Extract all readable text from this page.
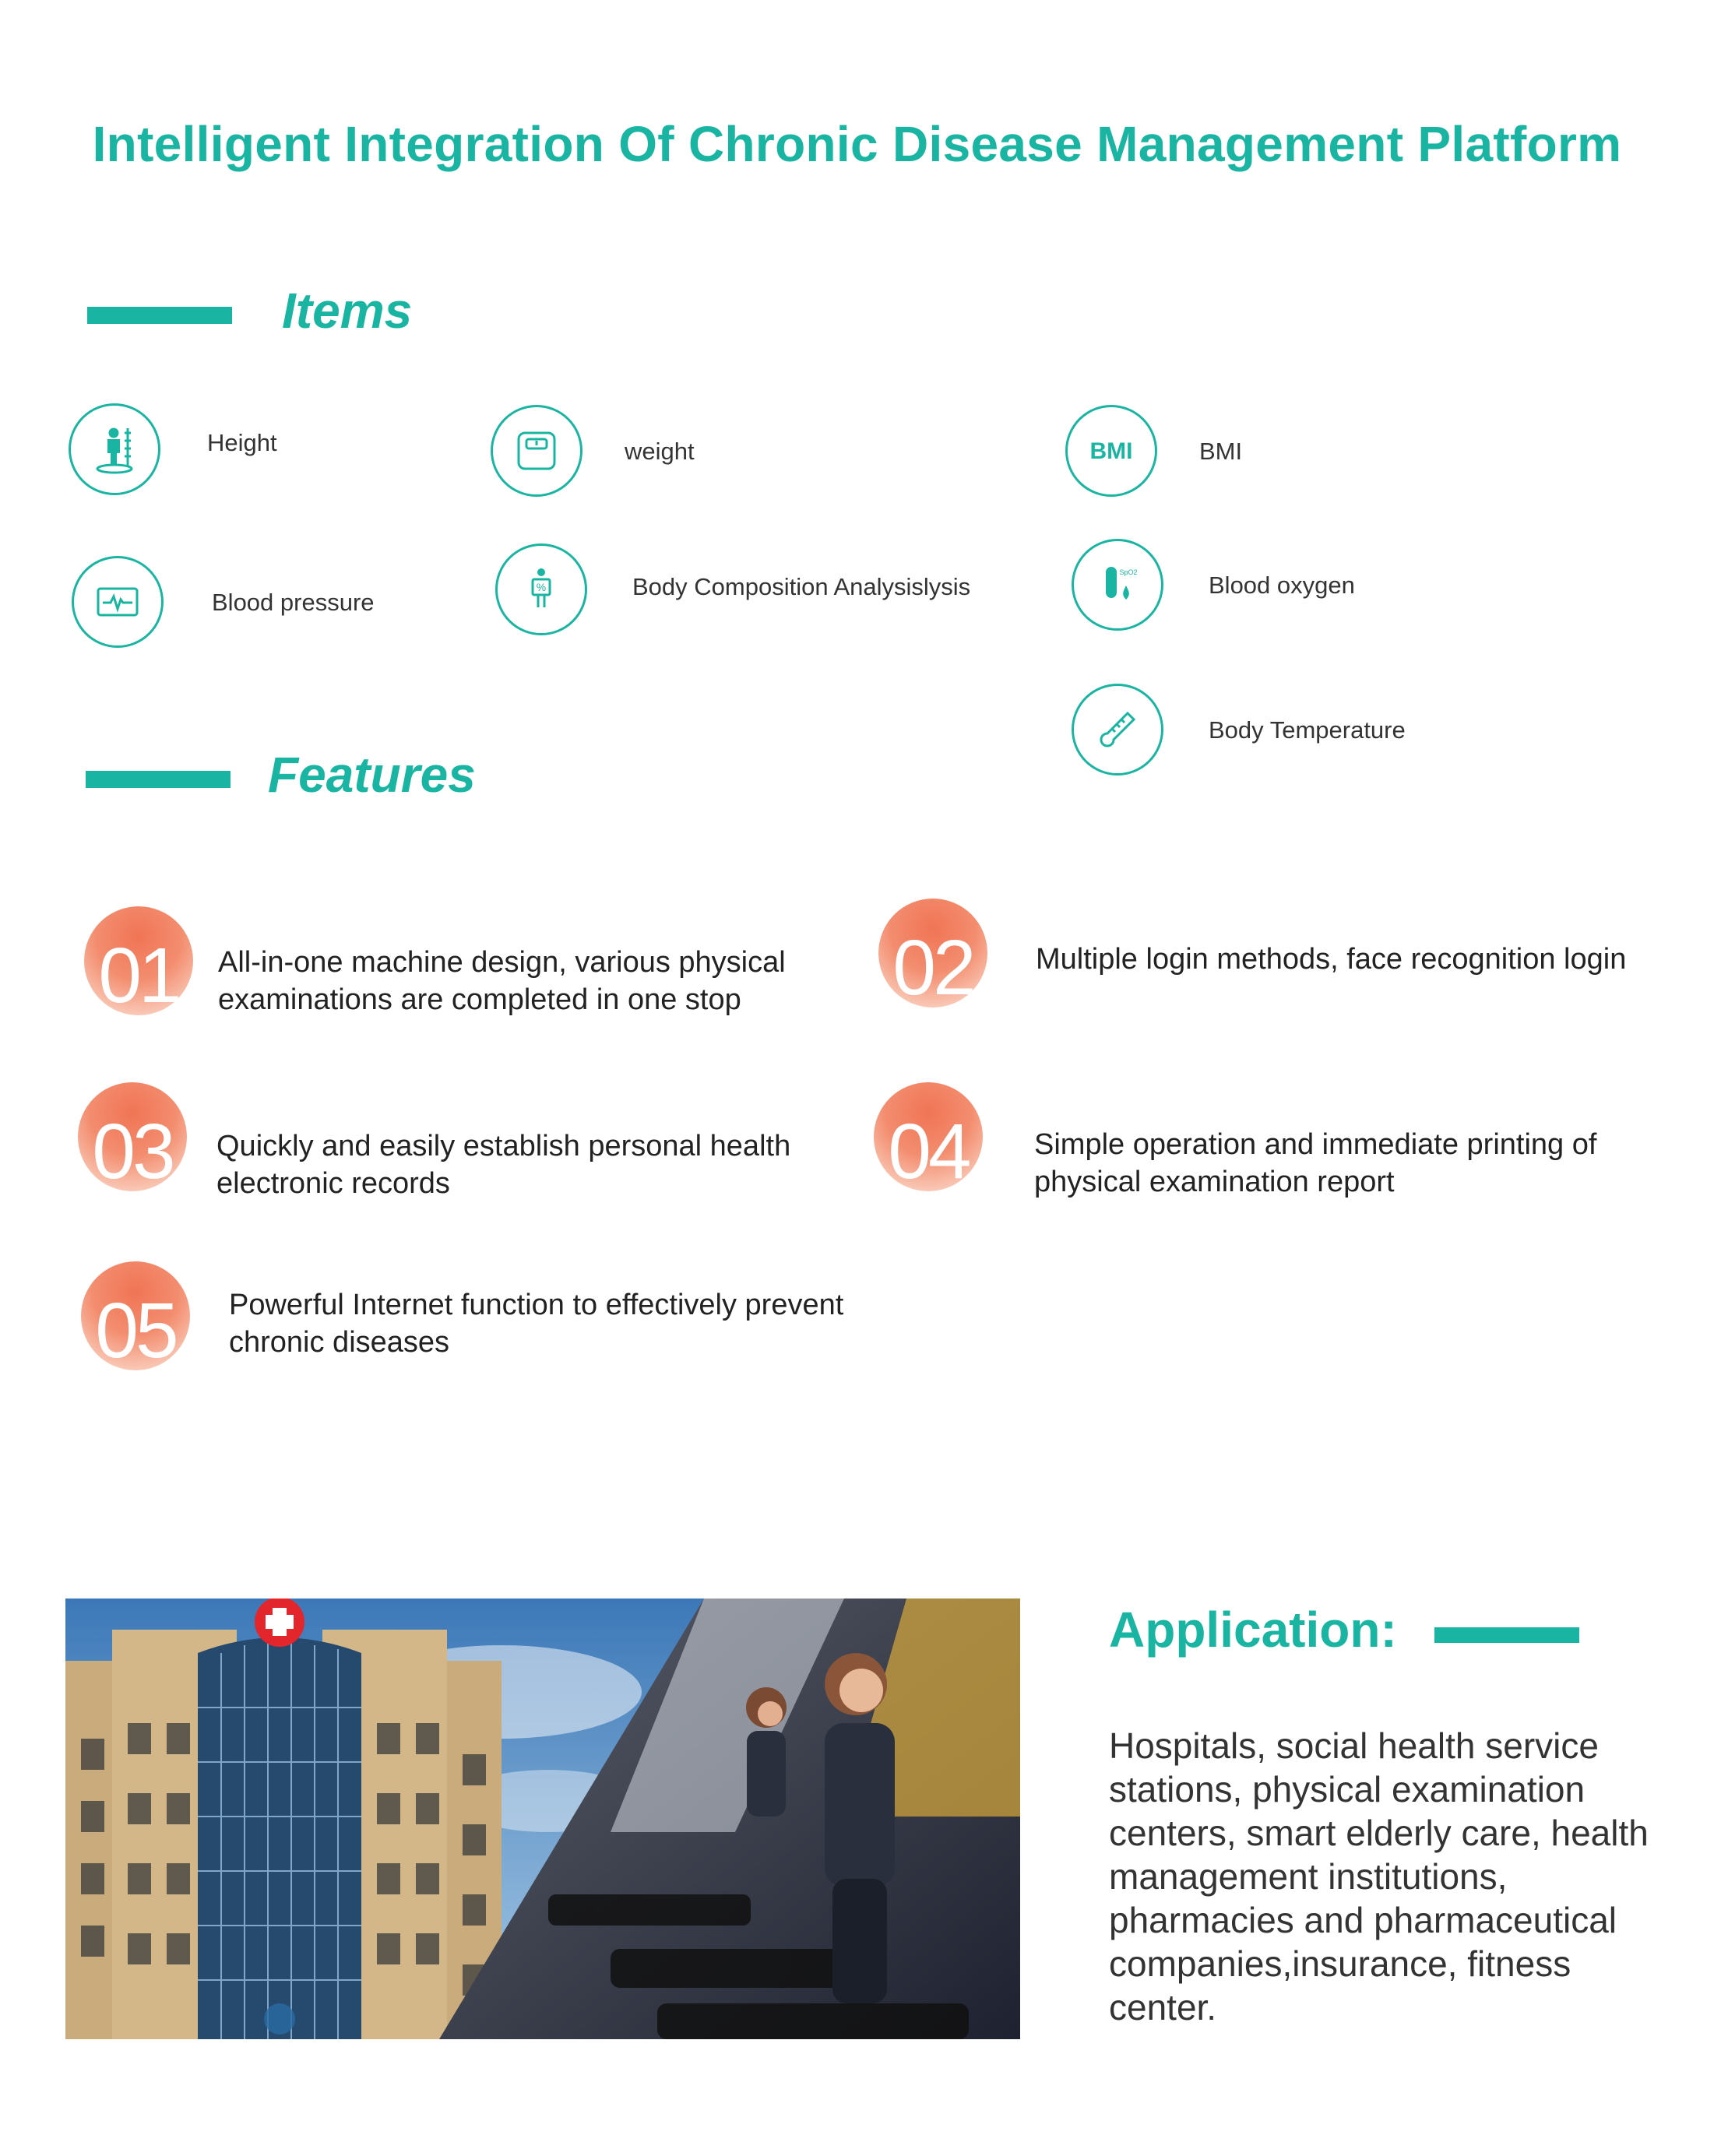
Intelligent Integration Of Chronic Disease Management Platform
Items
Height	weight	BMI	BMI
Blood pressure
%	Body Composition Analysislysis
SpO2	Blood oxygen
Body Temperature
Features
01	All-in-one machine design, various physical examinations are completed in one stop	02	Multiple login methods, face recognition login
03	Quickly and easily establish personal health electronic records	04	Simple operation and immediate printing of physical examination report
05	Powerful Internet function to effectively prevent chronic diseases
Application:
Hospitals, social health service stations, physical examination centers, smart elderly care, health management institutions, pharmacies and pharmaceutical companies,insurance, fitness center.
